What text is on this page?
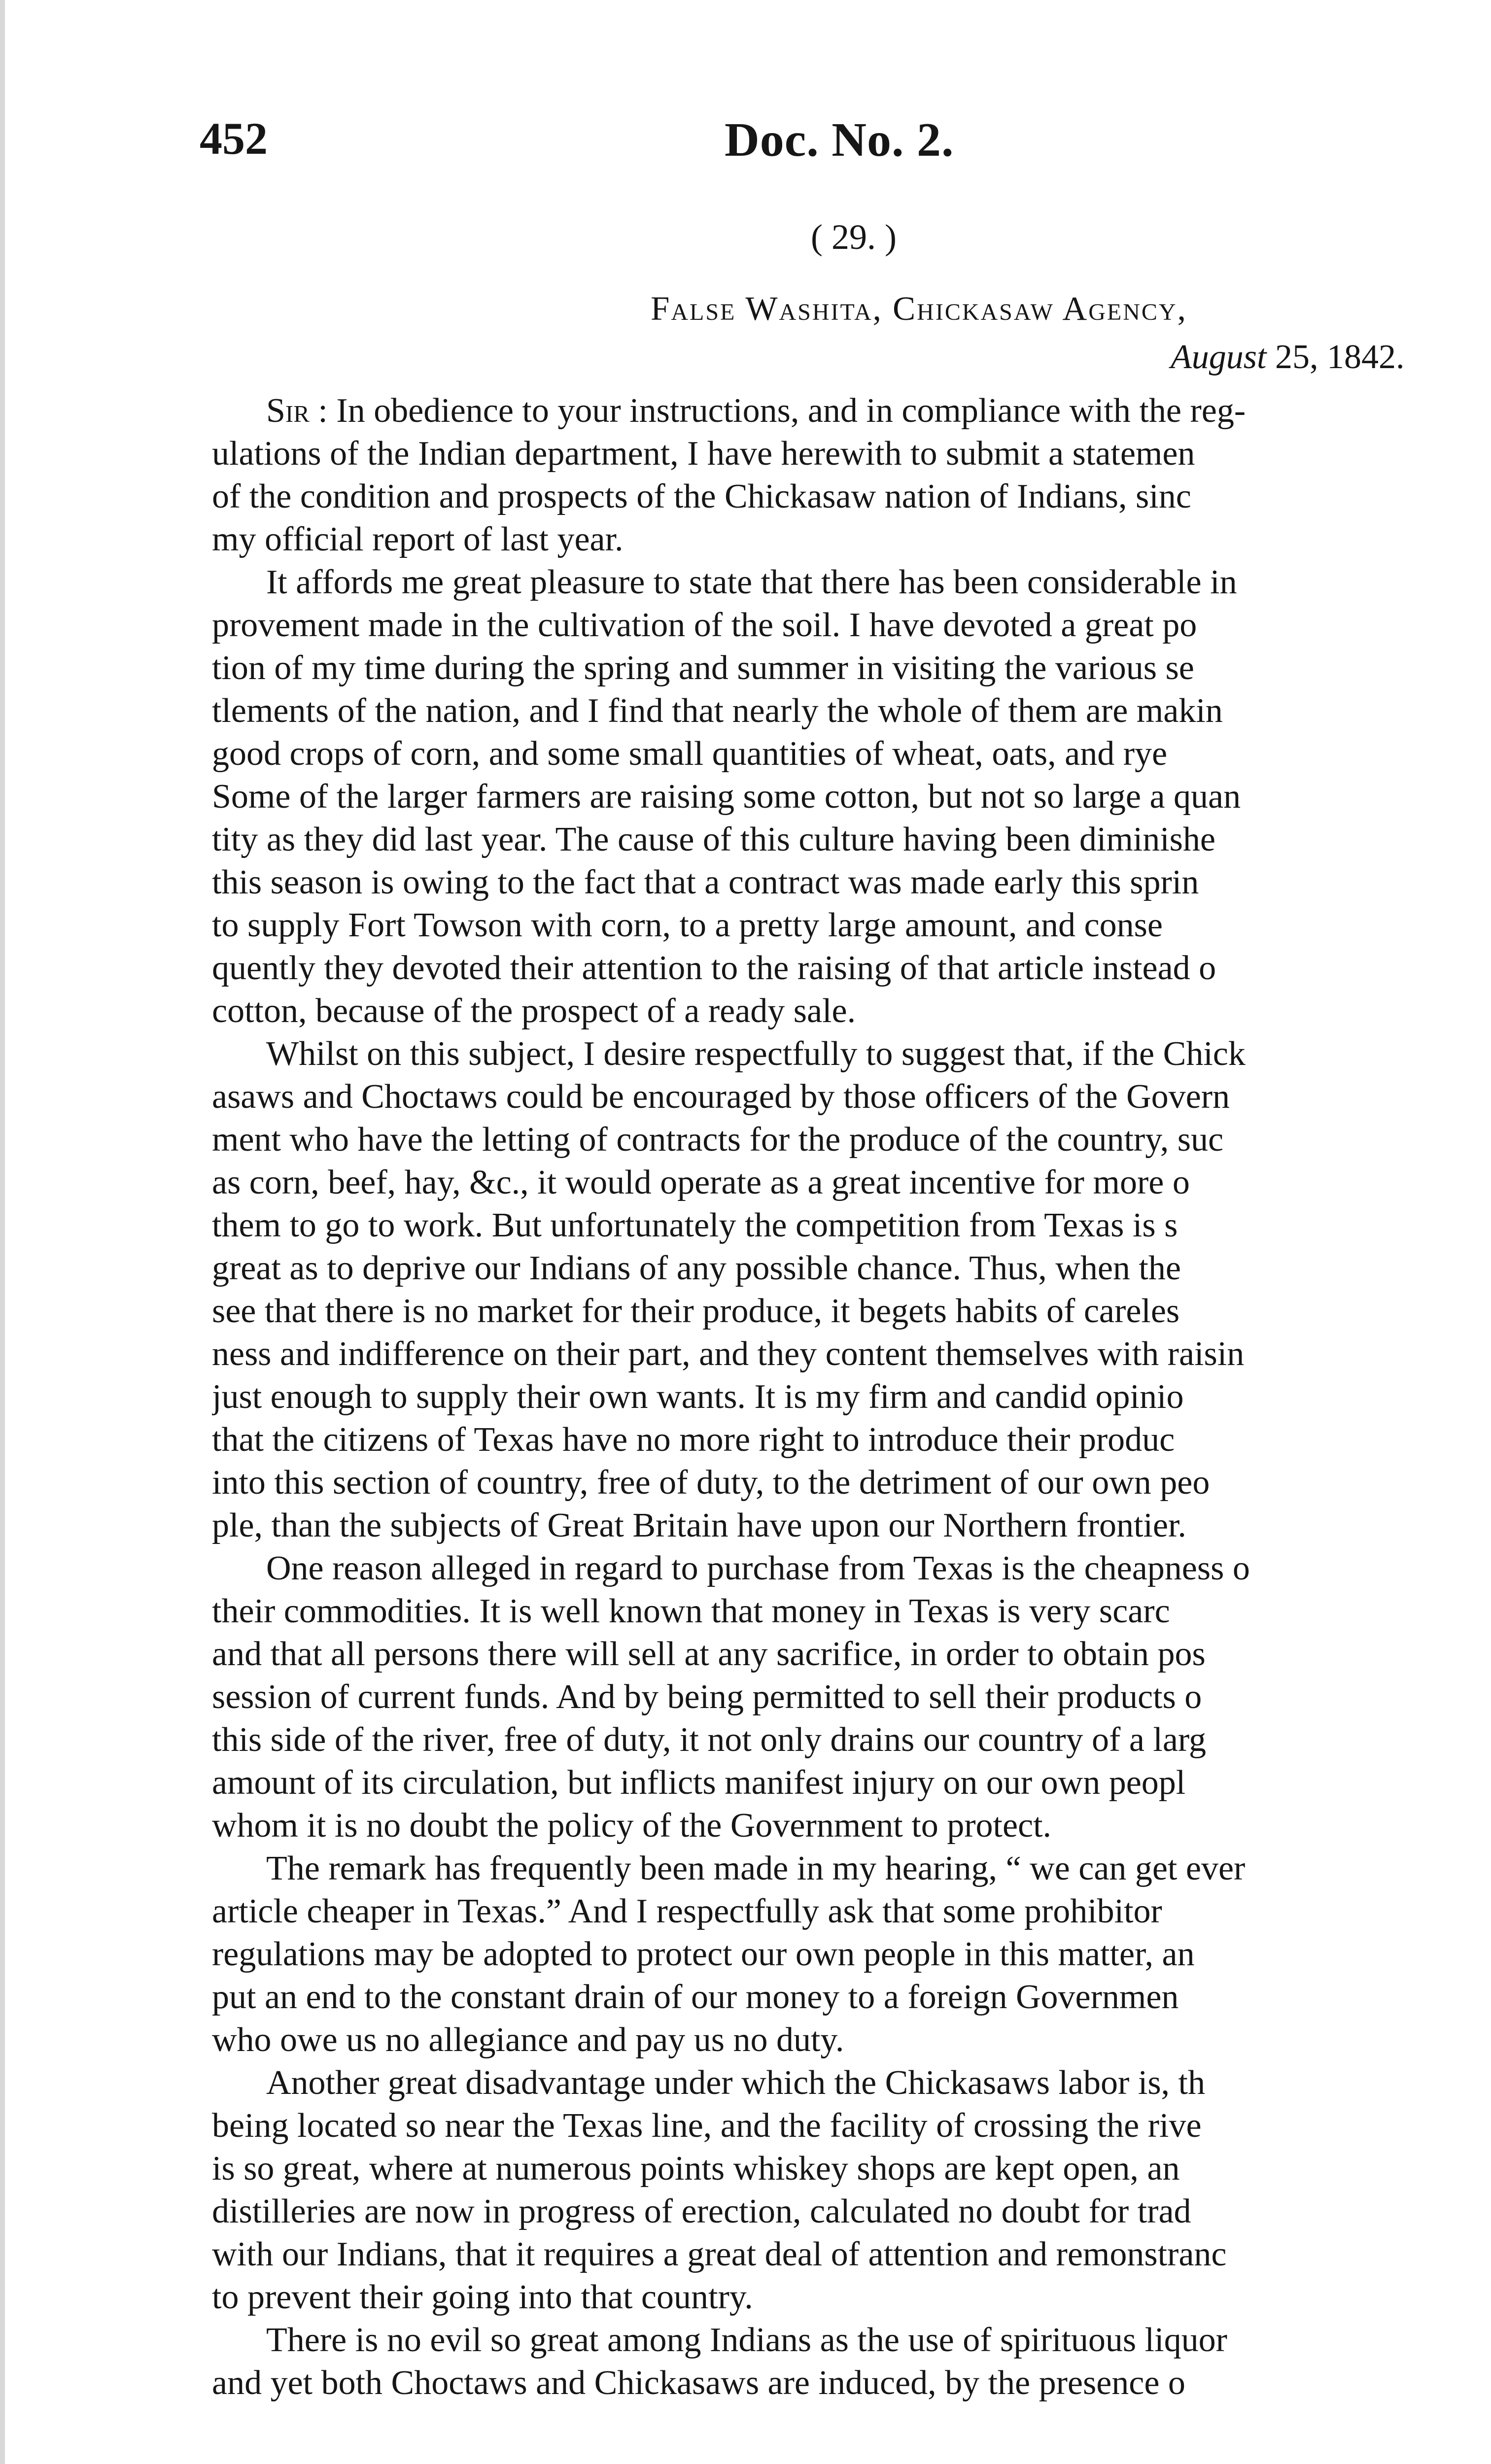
452	Doc. No. 2.
( 29. )
False Washita, Chickasaw Agency,
August 25, 1842.
Sir : In obedience to your instructions, and in compliance with the reg-
ulations of the Indian department, I have herewith to submit a statemen
of the condition and prospects of the Chickasaw nation of Indians, sinc
my official report of last year.
It affords me great pleasure to state that there has been considerable in
provement made in the cultivation of the soil. I have devoted a great po
tion of my time during the spring and summer in visiting the various se
tlements of the nation, and I find that nearly the whole of them are makin
good crops of corn, and some small quantities of wheat, oats, and rye
Some of the larger farmers are raising some cotton, but not so large a quan
tity as they did last year. The cause of this culture having been diminishe
this season is owing to the fact that a contract was made early this sprin
to supply Fort Towson with corn, to a pretty large amount, and conse
quently they devoted their attention to the raising of that article instead o
cotton, because of the prospect of a ready sale.
Whilst on this subject, I desire respectfully to suggest that, if the Chick
asaws and Choctaws could be encouraged by those officers of the Govern
ment who have the letting of contracts for the produce of the country, suc
as corn, beef, hay, &c., it would operate as a great incentive for more o
them to go to work. But unfortunately the competition from Texas is s
great as to deprive our Indians of any possible chance. Thus, when the
see that there is no market for their produce, it begets habits of careles
ness and indifference on their part, and they content themselves with raisin
just enough to supply their own wants. It is my firm and candid opinio
that the citizens of Texas have no more right to introduce their produc
into this section of country, free of duty, to the detriment of our own peo
ple, than the subjects of Great Britain have upon our Northern frontier.
One reason alleged in regard to purchase from Texas is the cheapness o
their commodities. It is well known that money in Texas is very scarc
and that all persons there will sell at any sacrifice, in order to obtain pos
session of current funds. And by being permitted to sell their products o
this side of the river, free of duty, it not only drains our country of a larg
amount of its circulation, but inflicts manifest injury on our own peopl
whom it is no doubt the policy of the Government to protect.
The remark has frequently been made in my hearing, “ we can get ever
article cheaper in Texas.” And I respectfully ask that some prohibitor
regulations may be adopted to protect our own people in this matter, an
put an end to the constant drain of our money to a foreign Governmen
who owe us no allegiance and pay us no duty.
Another great disadvantage under which the Chickasaws labor is, th
being located so near the Texas line, and the facility of crossing the rive
is so great, where at numerous points whiskey shops are kept open, an
distilleries are now in progress of erection, calculated no doubt for trad
with our Indians, that it requires a great deal of attention and remonstranc
to prevent their going into that country.
There is no evil so great among Indians as the use of spirituous liquor
and yet both Choctaws and Chickasaws are induced, by the presence o
